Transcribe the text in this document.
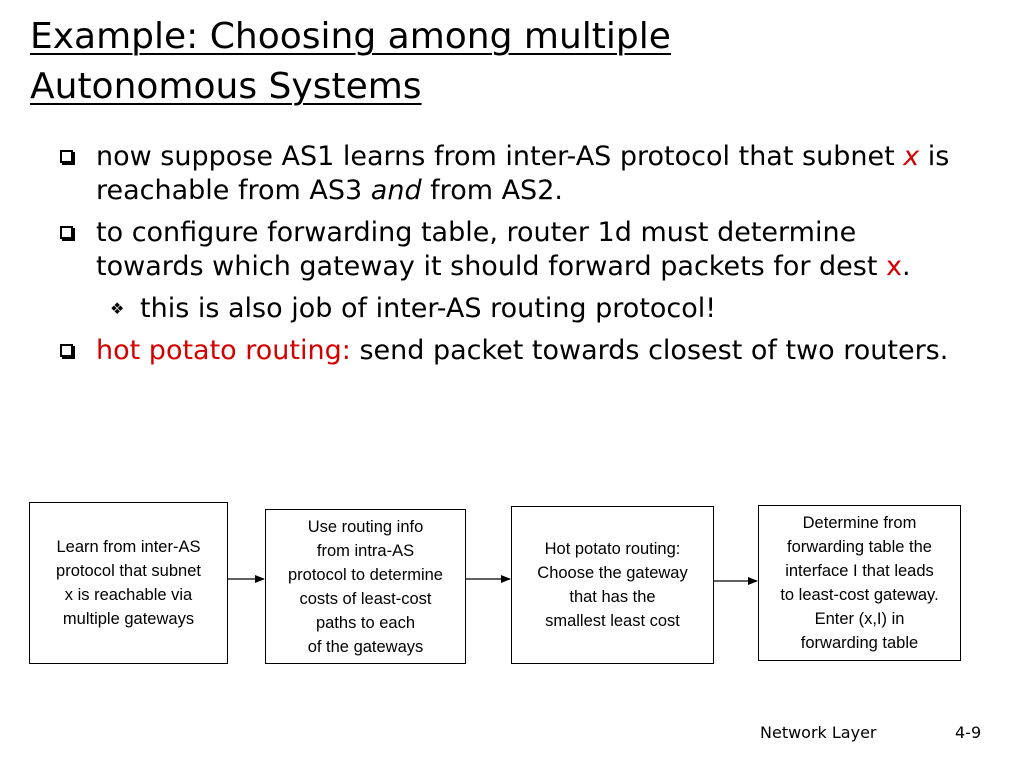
Example: Choosing among multiple
Autonomous Systems
now suppose AS1 learns from inter-AS protocol that subnet x is reachable from AS3 and from AS2.
to configure forwarding table, router 1d must determine towards which gateway it should forward packets for dest x.
❖ this is also job of inter-AS routing protocol!
hot potato routing: send packet towards closest of two routers.
Learn from inter-AS
protocol that subnet
x is reachable via
multiple gateways
Use routing info
from intra-AS
protocol to determine
costs of least-cost
paths to each
of the gateways
Hot potato routing:
Choose the gateway
that has the
smallest least cost
Determine from
forwarding table the
interface I that leads
to least-cost gateway.
Enter (x,I) in
forwarding table
Network Layer	4-9
